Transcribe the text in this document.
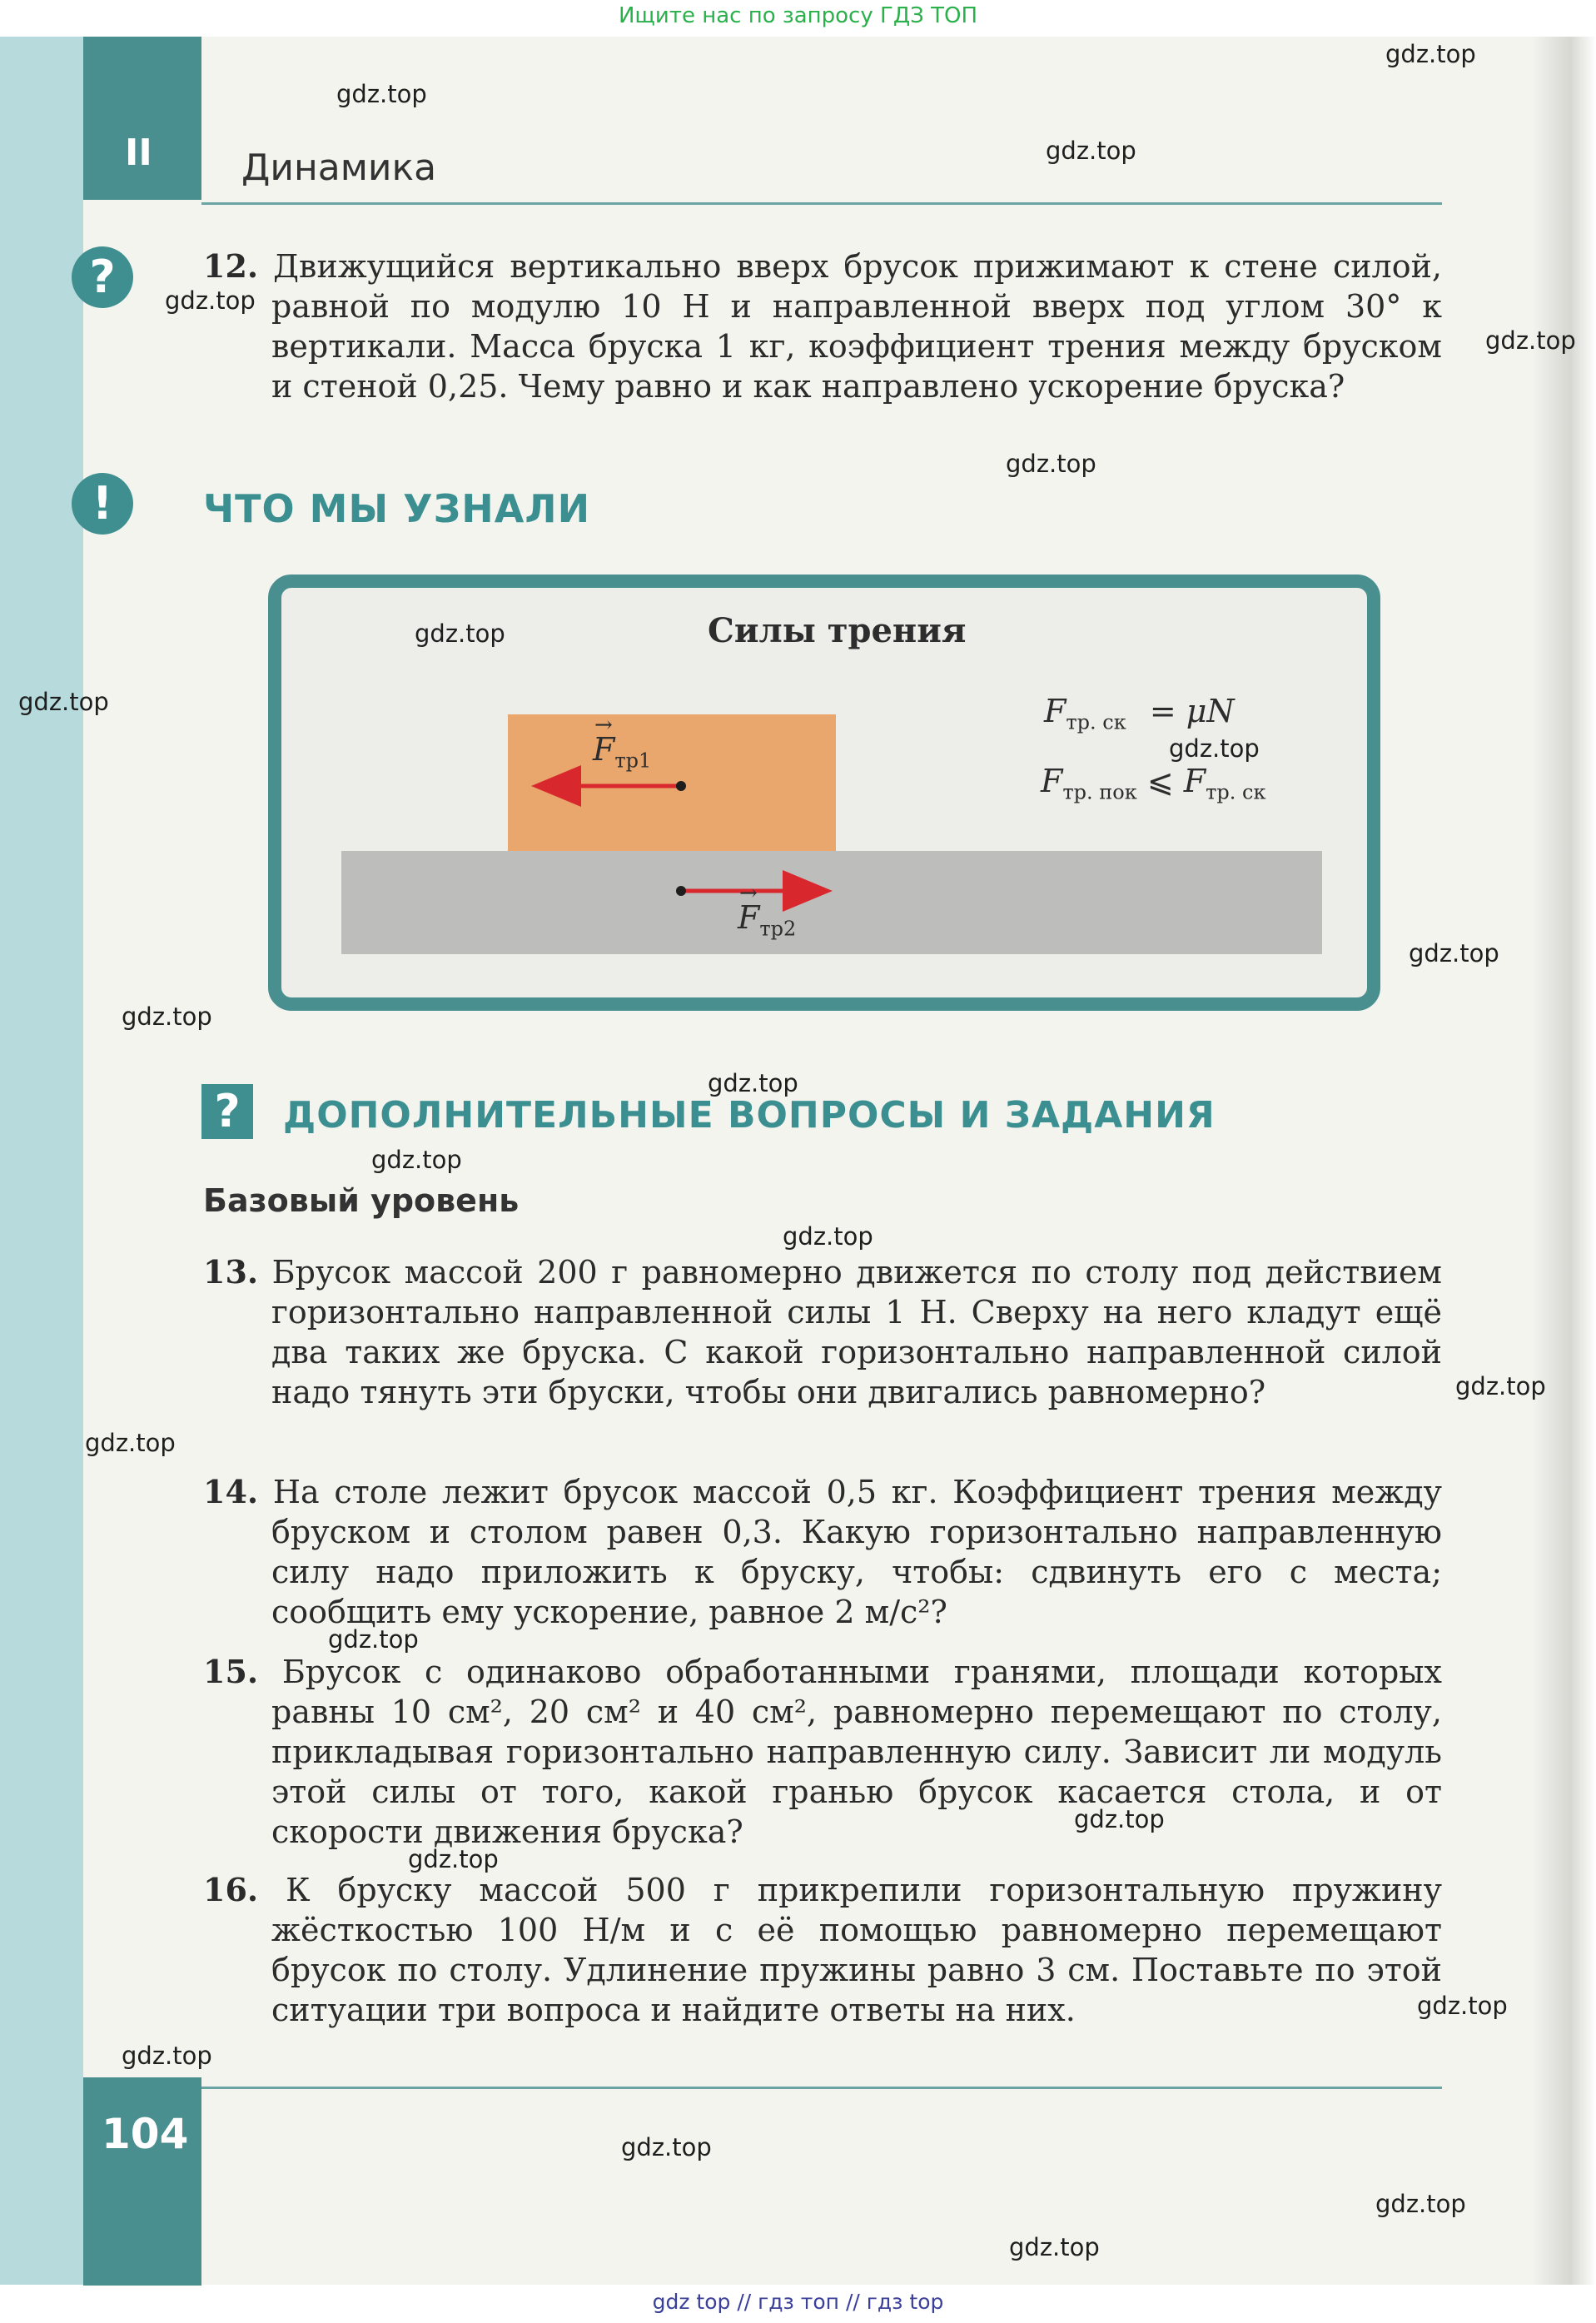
Ищите нас по запросу ГДЗ ТОП
II Динамика
?	12. Движущийся вертикально вверх брусок прижимают к стене силой, равной по модулю 10 Н и направленной вверх под углом 30° к вертикали. Масса бруска 1 кг, коэффициент трения между бруском и стеной 0,25. Чему равно и как направлено ускорение бруска?
!	ЧТО МЫ УЗНАЛИ
Силы трения
→
$F_{тр1}$
→
$F_{тр2}$
$F_{тр. ск} = \mu N$
$F_{тр. пок}$ ⩽ $F_{тр. ск}$
?	ДОПОЛНИТЕЛЬНЫЕ ВОПРОСЫ И ЗАДАНИЯ
Базовый уровень
13. Брусок массой 200 г равномерно движется по столу под действием горизонтально направленной силы 1 Н. Сверху на него кладут ещё два таких же бруска. С какой горизонтально направленной силой надо тянуть эти бруски, чтобы они двигались равномерно?
14. На столе лежит брусок массой 0,5 кг. Коэффициент трения между бруском и столом равен 0,3. Какую горизонтально направленную силу надо приложить к бруску, чтобы: сдвинуть его с места; сообщить ему ускорение, равное 2 м/с²?
15. Брусок с одинаково обработанными гранями, площади которых равны 10 см², 20 см² и 40 см², равномерно перемещают по столу, прикладывая горизонтально направленную силу. Зависит ли модуль этой силы от того, какой гранью брусок касается стола, и от скорости движения бруска?
16. К бруску массой 500 г прикрепили горизонтальную пружину жёсткостью 100 Н/м и с её помощью равномерно перемещают брусок по столу. Удлинение пружины равно 3 см. Поставьте по этой ситуации три вопроса и найдите ответы на них.
104
gdz.top
gdz.top
gdz.top
gdz.top
gdz.top
gdz.top
gdz.top
gdz.top
gdz.top
gdz.top
gdz.top
gdz.top
gdz.top
gdz.top
gdz.top
gdz.top
gdz.top
gdz.top
gdz.top
gdz.top
gdz.top
gdz.top
gdz.top
gdz.top
gdz top // гдз топ // гдз top
